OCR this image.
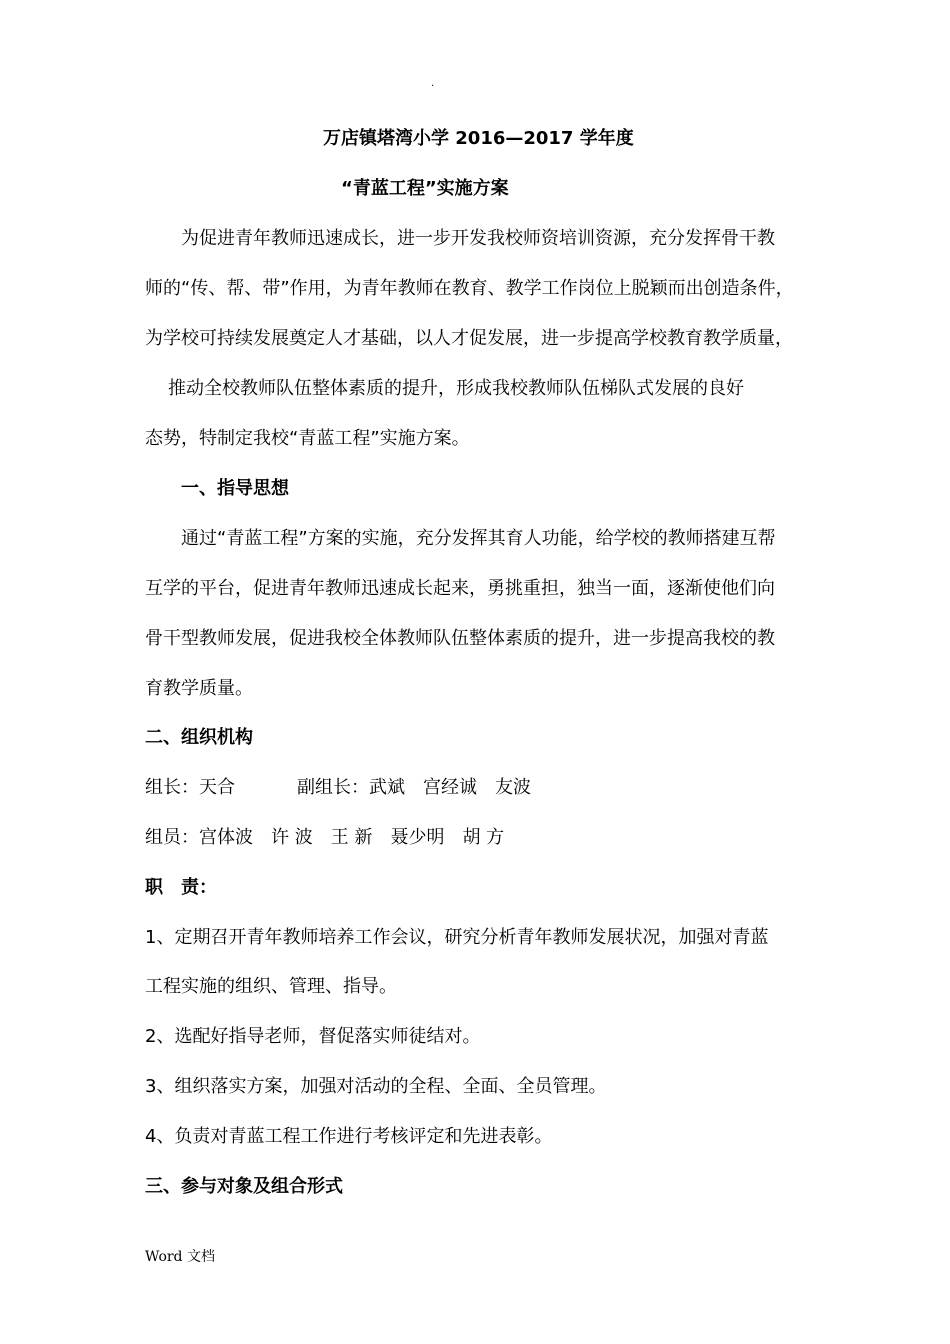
.
万店镇塔湾小学 2016—2017 学年度
“青蓝工程”实施方案
为促进青年教师迅速成长，进一步开发我校师资培训资源，充分发挥骨干教
师的“传、帮、带”作用，为青年教师在教育、教学工作岗位上脱颖而出创造条件，
为学校可持续发展奠定人才基础，以人才促发展，进一步提高学校教育教学质量，
推动全校教师队伍整体素质的提升，形成我校教师队伍梯队式发展的良好
态势，特制定我校“青蓝工程”实施方案。
一、指导思想
通过“青蓝工程”方案的实施，充分发挥其育人功能，给学校的教师搭建互帮
互学的平台，促进青年教师迅速成长起来，勇挑重担，独当一面，逐渐使他们向
骨干型教师发展，促进我校全体教师队伍整体素质的提升，进一步提高我校的教
育教学质量。
二、组织机构
组长：天合	副组长：武斌　宫经诚　友波
组员：宫体波　许 波　王 新　聂少明　胡 方
职　责：
1、定期召开青年教师培养工作会议，研究分析青年教师发展状况，加强对青蓝
工程实施的组织、管理、指导。
2、选配好指导老师，督促落实师徒结对。
3、组织落实方案，加强对活动的全程、全面、全员管理。
4、负责对青蓝工程工作进行考核评定和先进表彰。
三、参与对象及组合形式
Word 文档
